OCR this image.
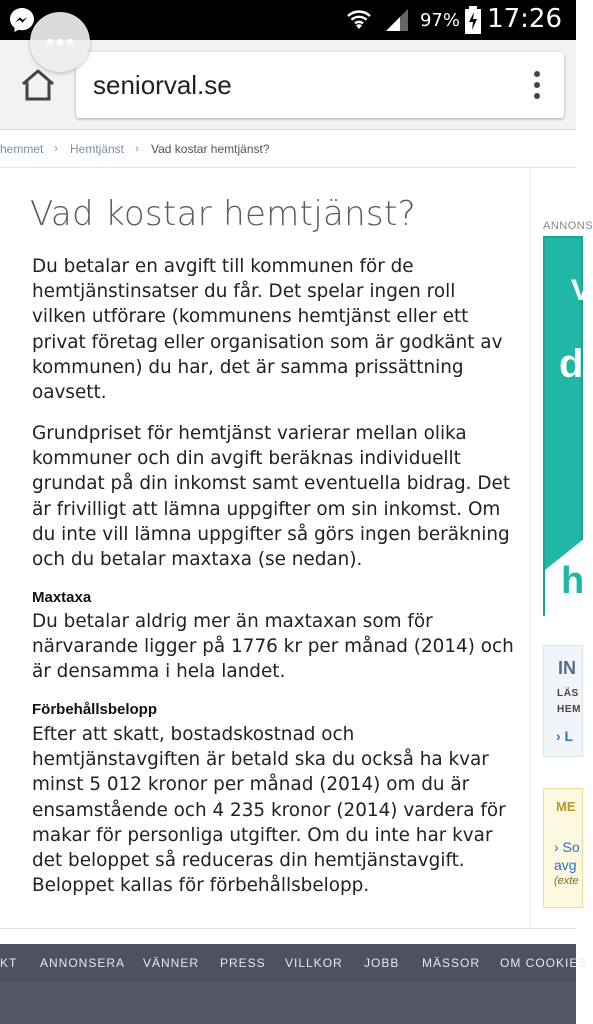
97% 17:26
seniorval.se
hemmet › Hemtjänst › Vad kostar hemtjänst?
Vad kostar hemtjänst?

Du betalar en avgift till kommunen för de hemtjänstinsatser du får. Det spelar ingen roll vilken utförare (kommunens hemtjänst eller ett privat företag eller organisation som är godkänt av kommunen) du har, det är samma prissättning oavsett.

Grundpriset för hemtjänst varierar mellan olika kommuner och din avgift beräknas individuellt grundat på din inkomst samt eventuella bidrag. Det är frivilligt att lämna uppgifter om sin inkomst. Om du inte vill lämna uppgifter så görs ingen beräkning och du betalar maxtaxa (se nedan).

Maxtaxa

Du betalar aldrig mer än maxtaxan som för närvarande ligger på 1776 kr per månad (2014) och är densamma i hela landet.

Förbehållsbelopp

Efter att skatt, bostadskostnad och hemtjänstavgiften är betald ska du också ha kvar minst 5 012 kronor per månad (2014) om du är ensamstående och 4 235 kronor (2014) vardera för makar för personliga utgifter. Om du inte har kvar det beloppet så reduceras din hemtjänstavgift. Beloppet kallas för förbehållsbelopp.

ANNONS
V
d
h
IN
LÄS
HEM
› L
ME
› So
avg
(exte
KT ANNONSERA VÄNNER PRESS VILLKOR JOBB MÄSSOR OM COOKIES
